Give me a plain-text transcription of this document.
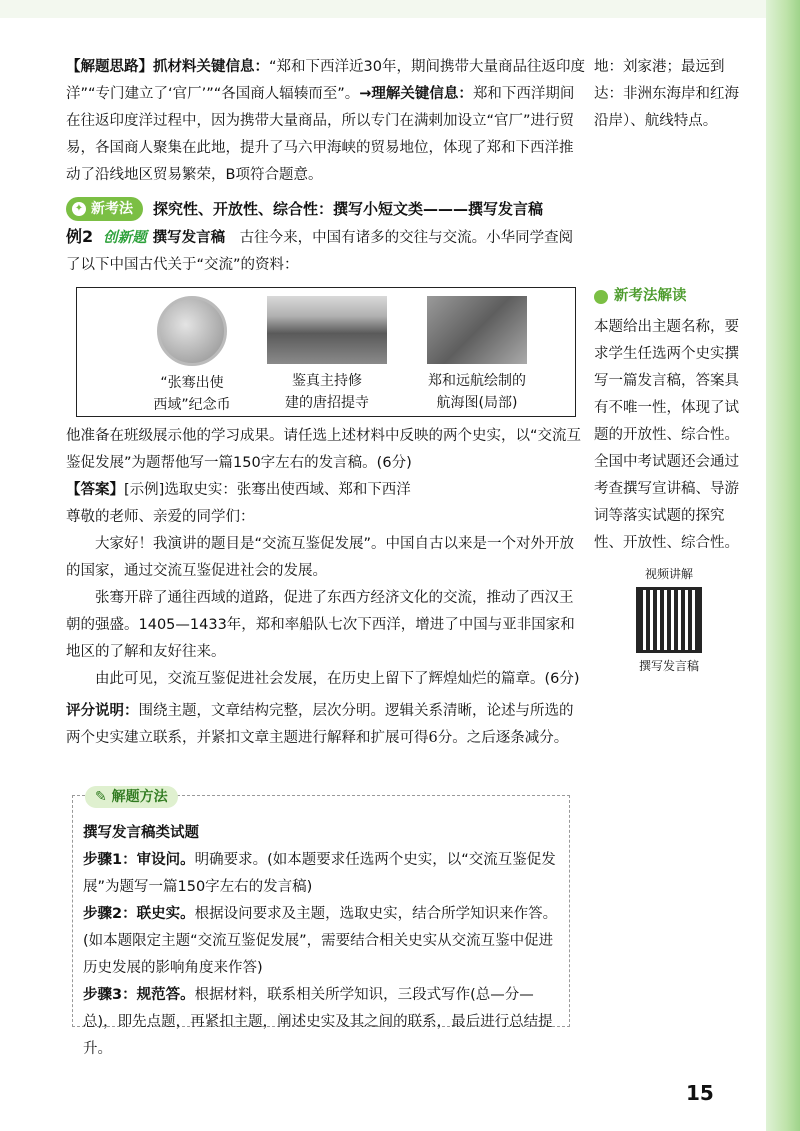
【解题思路】抓材料关键信息：“郑和下西洋近30年，期间携带大量商品往返印度洋”“专门建立了‘官厂’”“各国商人辐辏而至”。→理解关键信息：郑和下西洋期间在往返印度洋过程中，因为携带大量商品，所以专门在满剌加设立“官厂”进行贸易，各国商人聚集在此地，提升了马六甲海峡的贸易地位，体现了郑和下西洋推动了沿线地区贸易繁荣，B项符合题意。

✦ 新考法 探究性、开放性、综合性：撰写小短文类———撰写发言稿

例2 创新题 撰写发言稿　 古往今来，中国有诸多的交往与交流。小华同学查阅了以下中国古代关于“交流”的资料：

“张骞出使
西域”纪念币
鉴真主持修
建的唐招提寺
郑和远航绘制的
航海图(局部)

他准备在班级展示他的学习成果。请任选上述材料中反映的两个史实，以“交流互鉴促发展”为题帮他写一篇150字左右的发言稿。(6分)

【答案】[示例]选取史实：张骞出使西域、郑和下西洋

尊敬的老师、亲爱的同学们：

大家好！我演讲的题目是“交流互鉴促发展”。中国自古以来是一个对外开放的国家，通过交流互鉴促进社会的发展。

张骞开辟了通往西域的道路，促进了东西方经济文化的交流，推动了西汉王朝的强盛。1405—1433年，郑和率船队七次下西洋，增进了中国与亚非国家和地区的了解和友好往来。

由此可见，交流互鉴促进社会发展，在历史上留下了辉煌灿烂的篇章。(6分)

评分说明：围绕主题，文章结构完整，层次分明。逻辑关系清晰，论述与所选的两个史实建立联系，并紧扣文章主题进行解释和扩展可得6分。之后逐条减分。

✎ 解题方法

撰写发言稿类试题

步骤1：审设问。明确要求。(如本题要求任选两个史实，以“交流互鉴促发展”为题写一篇150字左右的发言稿)

步骤2：联史实。根据设问要求及主题，选取史实，结合所学知识来作答。(如本题限定主题“交流互鉴促发展”，需要结合相关史实从交流互鉴中促进历史发展的影响角度来作答)

步骤3：规范答。根据材料，联系相关所学知识，三段式写作(总—分—总)，即先点题，再紧扣主题，阐述史实及其之间的联系，最后进行总结提升。

地：刘家港；最远到达：非洲东海岸和红海沿岸）、航线特点。

新考法解读

本题给出主题名称，要求学生任选两个史实撰写一篇发言稿，答案具有不唯一性，体现了试题的开放性、综合性。全国中考试题还会通过考查撰写宣讲稿、导游词等落实试题的探究性、开放性、综合性。

视频讲解
撰写发言稿
15
